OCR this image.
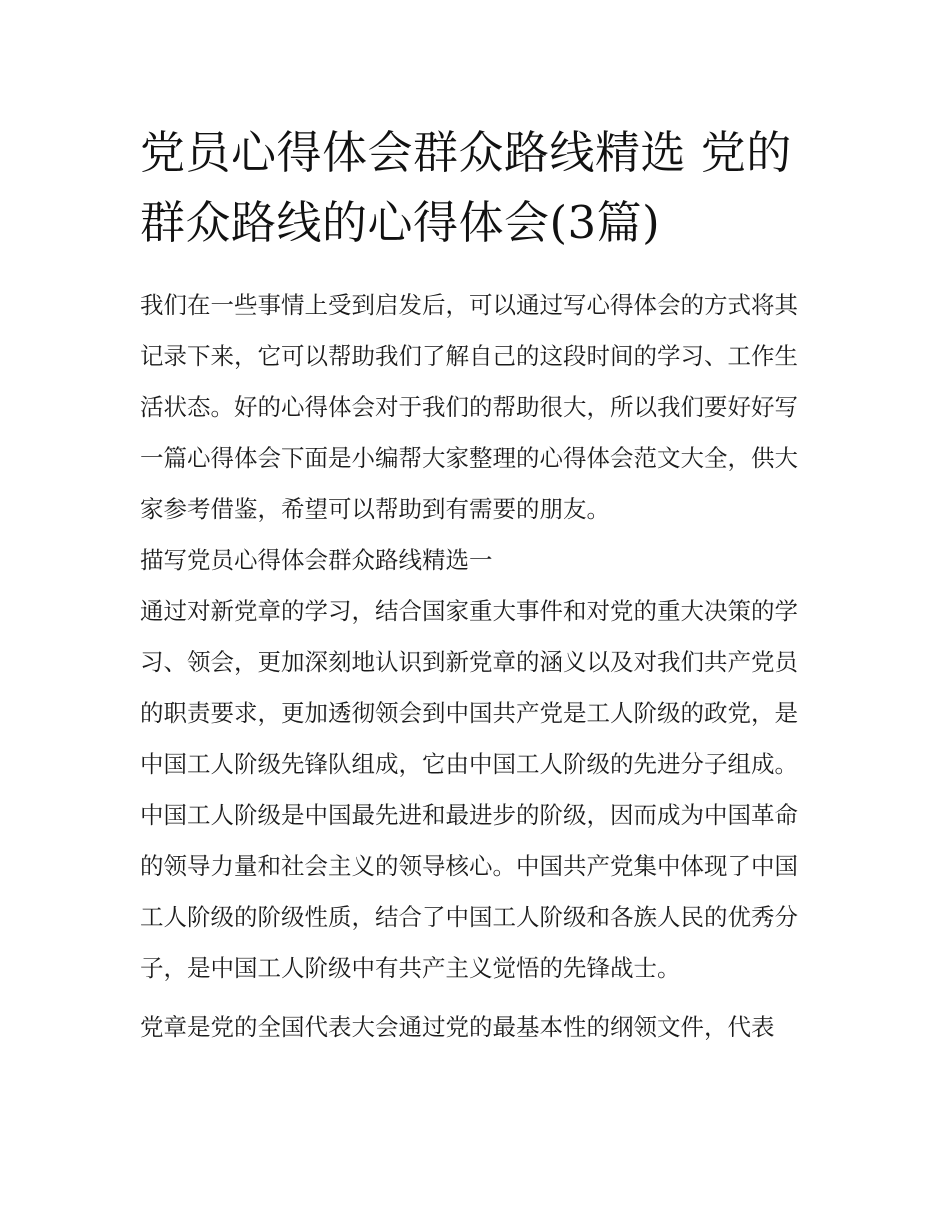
党员心得体会群众路线精选 党的群众路线的心得体会(3篇)

我们在一些事情上受到启发后，可以通过写心得体会的方式将其记录下来，它可以帮助我们了解自己的这段时间的学习、工作生活状态。好的心得体会对于我们的帮助很大，所以我们要好好写一篇心得体会下面是小编帮大家整理的心得体会范文大全，供大家参考借鉴，希望可以帮助到有需要的朋友。

描写党员心得体会群众路线精选一

通过对新党章的学习，结合国家重大事件和对党的重大决策的学习、领会，更加深刻地认识到新党章的涵义以及对我们共产党员的职责要求，更加透彻领会到中国共产党是工人阶级的政党，是中国工人阶级先锋队组成，它由中国工人阶级的先进分子组成。中国工人阶级是中国最先进和最进步的阶级，因而成为中国革命的领导力量和社会主义的领导核心。中国共产党集中体现了中国工人阶级的阶级性质，结合了中国工人阶级和各族人民的优秀分子，是中国工人阶级中有共产主义觉悟的先锋战士。

党章是党的全国代表大会通过党的最基本性的纲领文件，代表
